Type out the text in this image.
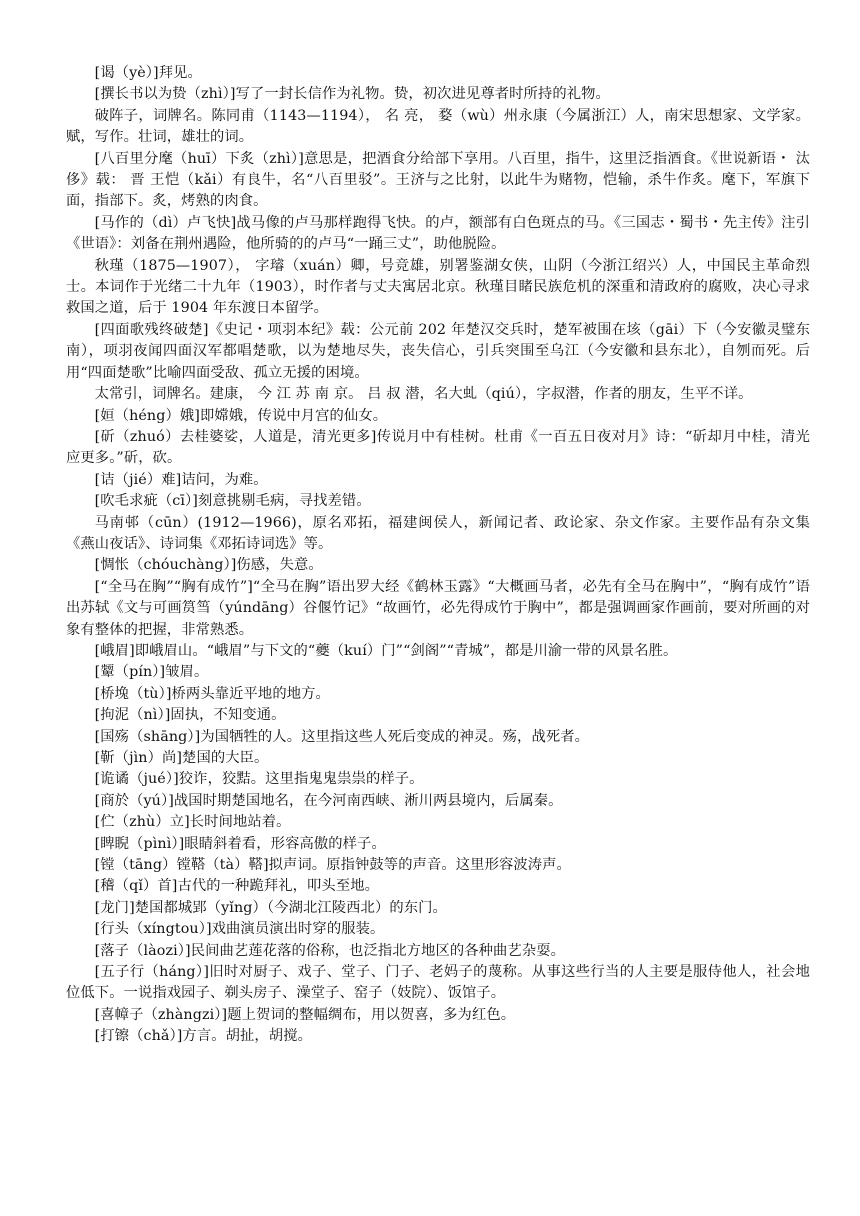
[谒（yè）]拜见。

[撰长书以为贽（zhì）]写了一封长信作为礼物。贽，初次进见尊者时所持的礼物。

破阵子，词牌名。陈同甫（1143—1194）， 名 亮， 婺（wù）州永康（今属浙江）人，南宋思想家、文学家。赋，写作。壮词，雄壮的词。

[八百里分麾（huī）下炙（zhì）]意思是，把酒食分给部下享用。八百里，指牛，这里泛指酒食。《世说新语・ 汰侈》载： 晋 王恺（kǎi）有良牛，名“八百里驳”。王济与之比射，以此牛为赌物，恺输，杀牛作炙。麾下，军旗下面，指部下。炙，烤熟的肉食。

[马作的（dì）卢飞快]战马像的卢马那样跑得飞快。的卢，额部有白色斑点的马。《三国志・蜀书・先主传》注引《世语》：刘备在荆州遇险，他所骑的的卢马“一踊三丈”，助他脱险。

秋瑾（1875—1907）， 字璿（xuán）卿，号竞雄，别署鉴湖女侠，山阴（今浙江绍兴）人，中国民主革命烈士。本词作于光绪二十九年（1903），时作者与丈夫寓居北京。秋瑾目睹民族危机的深重和清政府的腐败，决心寻求救国之道，后于 1904 年东渡日本留学。

[四面歌残终破楚]《史记・项羽本纪》载：公元前 202 年楚汉交兵时，楚军被围在垓（gāi）下（今安徽灵璧东南），项羽夜闻四面汉军都唱楚歌，以为楚地尽失，丧失信心，引兵突围至乌江（今安徽和县东北），自刎而死。后用“四面楚歌”比喻四面受敌、孤立无援的困境。

太常引，词牌名。建康， 今 江 苏 南 京。 吕 叔 潜，名大虬（qiú），字叔潜，作者的朋友，生平不详。

[姮（héng）娥]即嫦娥，传说中月宫的仙女。

[斫（zhuó）去桂婆娑，人道是，清光更多]传说月中有桂树。杜甫《一百五日夜对月》诗：“斫却月中桂，清光应更多。”斫，砍。

[诘（jié）难]诘问，为难。

[吹毛求疵（cī）]刻意挑剔毛病，寻找差错。

马南邨（cūn）(1912—1966)，原名邓拓，福建闽侯人，新闻记者、政论家、杂文作家。主要作品有杂文集《燕山夜话》、诗词集《邓拓诗词选》等。

[惆怅（chóuchàng）]伤感，失意。

[“全马在胸”“胸有成竹”]“全马在胸”语出罗大经《鹤林玉露》“大概画马者，必先有全马在胸中”，“胸有成竹”语出苏轼《文与可画筼筜（yúndāng）谷偃竹记》“故画竹，必先得成竹于胸中”，都是强调画家作画前，要对所画的对象有整体的把握，非常熟悉。

[峨眉]即峨眉山。“峨眉”与下文的“夔（kuí）门”“剑阁”“青城”，都是川渝一带的风景名胜。

[颦（pín）]皱眉。

[桥堍（tù）]桥两头靠近平地的地方。

[拘泥（nì）]固执，不知变通。

[国殇（shāng）]为国牺牲的人。这里指这些人死后变成的神灵。殇，战死者。

[靳（jìn）尚]楚国的大臣。

[诡谲（jué）]狡诈，狡黠。这里指鬼鬼祟祟的样子。

[商於（yú）]战国时期楚国地名，在今河南西峡、淅川两县境内，后属秦。

[伫（zhù）立]长时间地站着。

[睥睨（pìnì）]眼睛斜着看，形容高傲的样子。

[镗（tāng）镗鞳（tà）鞳]拟声词。原指钟鼓等的声音。这里形容波涛声。

[稽（qǐ）首]古代的一种跪拜礼，叩头至地。

[龙门]楚国都城郢（yǐng）（今湖北江陵西北）的东门。

[行头（xíngtou）]戏曲演员演出时穿的服装。

[落子（làozi）]民间曲艺莲花落的俗称，也泛指北方地区的各种曲艺杂耍。

[五子行（háng）]旧时对厨子、戏子、堂子、门子、老妈子的蔑称。从事这些行当的人主要是服侍他人，社会地位低下。一说指戏园子、剃头房子、澡堂子、窑子（妓院）、饭馆子。

[喜幛子（zhàngzi）]题上贺词的整幅绸布，用以贺喜，多为红色。

[打镲（chǎ）]方言。胡扯，胡搅。
